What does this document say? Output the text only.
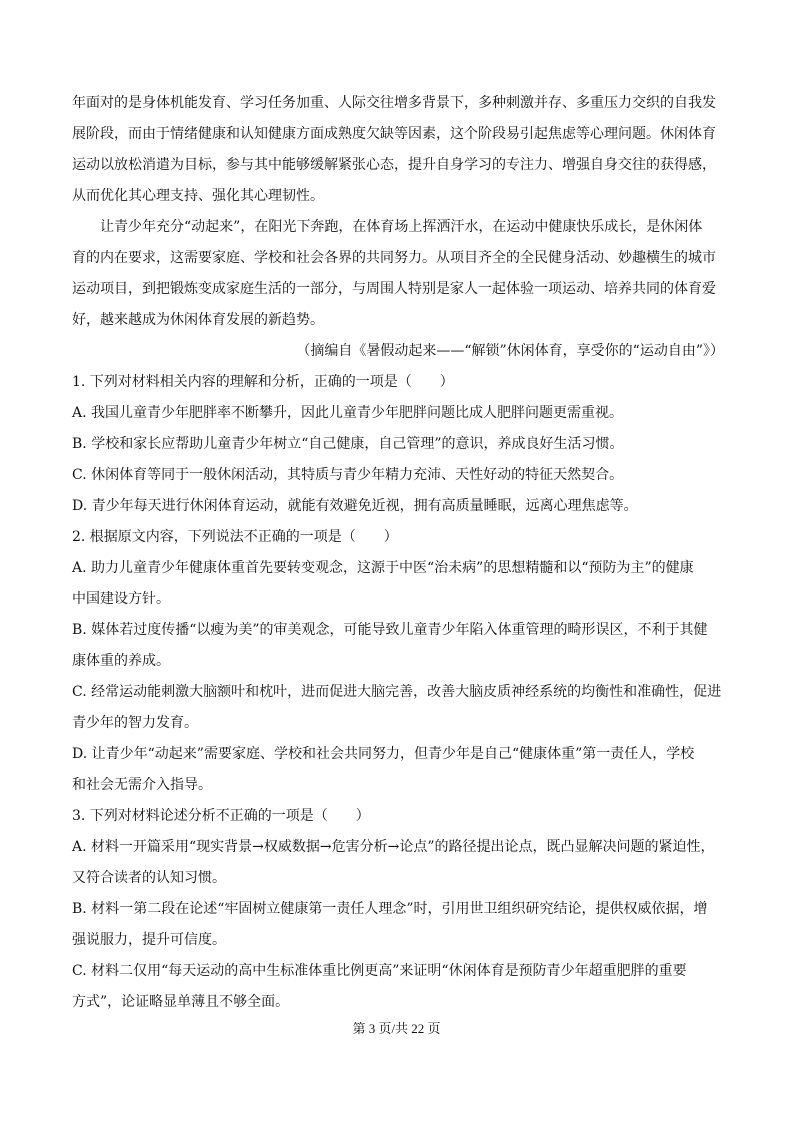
年面对的是身体机能发育、学习任务加重、人际交往增多背景下，多种刺激并存、多重压力交织的自我发

展阶段，而由于情绪健康和认知健康方面成熟度欠缺等因素，这个阶段易引起焦虑等心理问题。休闲体育

运动以放松消遣为目标，参与其中能够缓解紧张心态，提升自身学习的专注力、增强自身交往的获得感，

从而优化其心理支持、强化其心理韧性。

让青少年充分“动起来”，在阳光下奔跑，在体育场上挥洒汗水，在运动中健康快乐成长，是休闲体

育的内在要求，这需要家庭、学校和社会各界的共同努力。从项目齐全的全民健身活动、妙趣横生的城市

运动项目，到把锻炼变成家庭生活的一部分，与周围人特别是家人一起体验一项运动、培养共同的体育爱

好，越来越成为休闲体育发展的新趋势。

（摘编自《暑假动起来——“解锁”休闲体育，享受你的“运动自由”》）

1. 下列对材料相关内容的理解和分析，正确的一项是（　　）

A. 我国儿童青少年肥胖率不断攀升，因此儿童青少年肥胖问题比成人肥胖问题更需重视。

B. 学校和家长应帮助儿童青少年树立“自己健康，自己管理”的意识，养成良好生活习惯。

C. 休闲体育等同于一般休闲活动，其特质与青少年精力充沛、天性好动的特征天然契合。

D. 青少年每天进行休闲体育运动，就能有效避免近视，拥有高质量睡眠，远离心理焦虑等。

2. 根据原文内容，下列说法不正确的一项是（　　）

A. 助力儿童青少年健康体重首先要转变观念，这源于中医“治未病”的思想精髓和以“预防为主”的健康

中国建设方针。

B. 媒体若过度传播“以瘦为美”的审美观念，可能导致儿童青少年陷入体重管理的畸形误区，不利于其健

康体重的养成。

C. 经常运动能刺激大脑额叶和枕叶，进而促进大脑完善，改善大脑皮质神经系统的均衡性和准确性，促进

青少年的智力发育。

D. 让青少年“动起来”需要家庭、学校和社会共同努力，但青少年是自己“健康体重”第一责任人，学校

和社会无需介入指导。

3. 下列对材料论述分析不正确的一项是（　　）

A. 材料一开篇采用“现实背景→权威数据→危害分析→论点”的路径提出论点，既凸显解决问题的紧迫性，

又符合读者的认知习惯。

B. 材料一第二段在论述“牢固树立健康第一责任人理念”时，引用世卫组织研究结论，提供权威依据，增

强说服力，提升可信度。

C. 材料二仅用“每天运动的高中生标准体重比例更高”来证明“休闲体育是预防青少年超重肥胖的重要

方式”，论证略显单薄且不够全面。

第 3 页/共 22 页
